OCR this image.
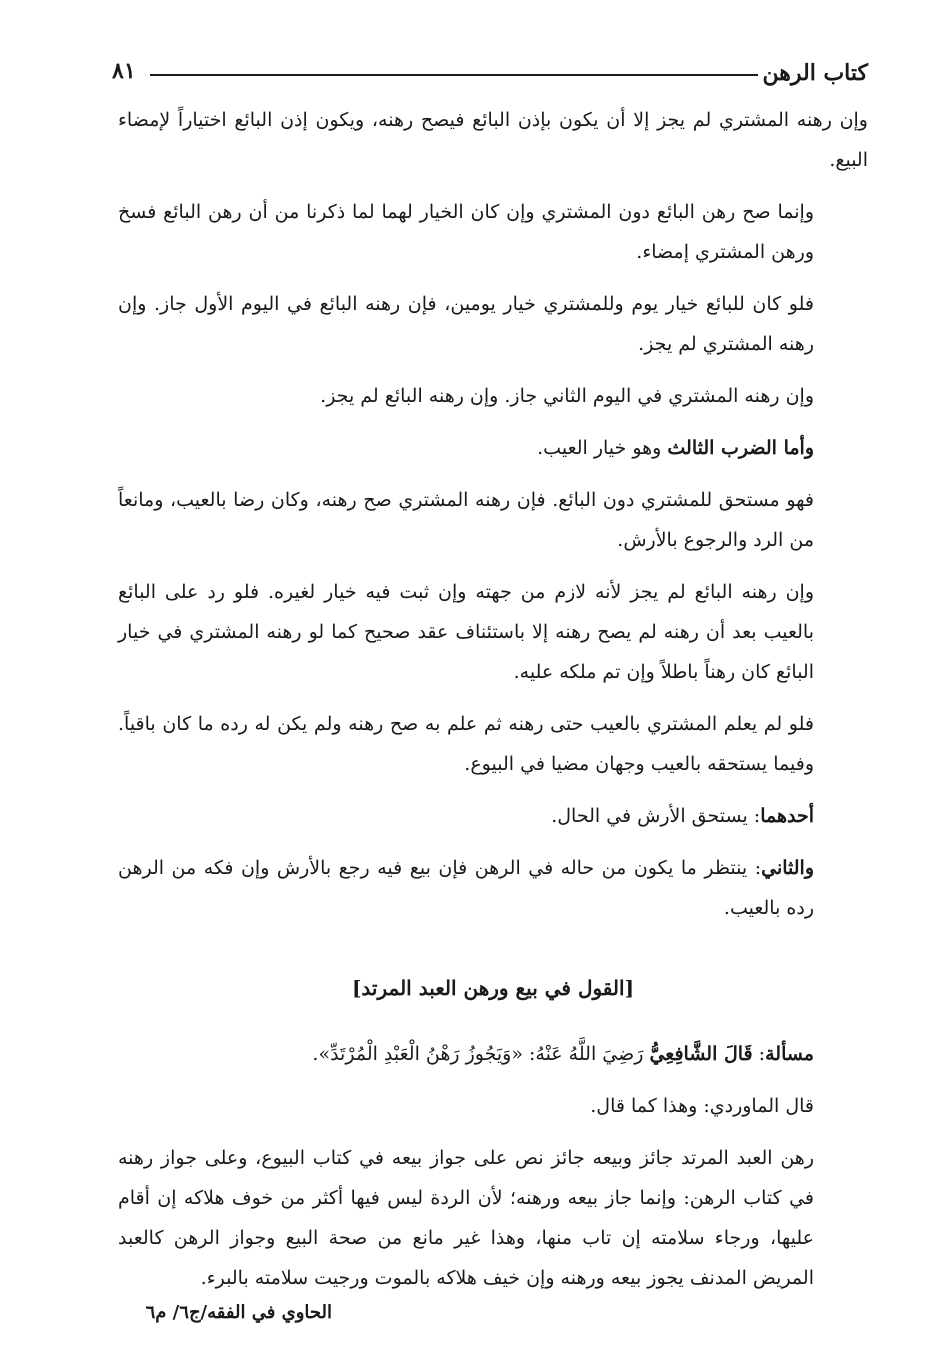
كتاب الرهن
٨١

وإن رهنه المشتري لم يجز إلا أن يكون بإذن البائع فيصح رهنه، ويكون إذن البائع اختياراً لإمضاء البيع.

وإنما صح رهن البائع دون المشتري وإن كان الخيار لهما لما ذكرنا من أن رهن البائع فسخ ورهن المشتري إمضاء.

فلو كان للبائع خيار يوم وللمشتري خيار يومين، فإن رهنه البائع في اليوم الأول جاز. وإن رهنه المشتري لم يجز.

وإن رهنه المشتري في اليوم الثاني جاز. وإن رهنه البائع لم يجز.

وأما الضرب الثالث وهو خيار العيب.

فهو مستحق للمشتري دون البائع. فإن رهنه المشتري صح رهنه، وكان رضا بالعيب، ومانعاً من الرد والرجوع بالأرش.

وإن رهنه البائع لم يجز لأنه لازم من جهته وإن ثبت فيه خيار لغيره. فلو رد على البائع بالعيب بعد أن رهنه لم يصح رهنه إلا باستئناف عقد صحيح كما لو رهنه المشتري في خيار البائع كان رهناً باطلاً وإن تم ملكه عليه.

فلو لم يعلم المشتري بالعيب حتى رهنه ثم علم به صح رهنه ولم يكن له رده ما كان باقياً. وفيما يستحقه بالعيب وجهان مضيا في البيوع.

أحدهما: يستحق الأرش في الحال.

والثاني: ينتظر ما يكون من حاله في الرهن فإن بيع فيه رجع بالأرش وإن فكه من الرهن رده بالعيب.

[القول في بيع ورهن العبد المرتد]

مسألة: قَالَ الشَّافِعِيُّ رَضِيَ اللَّهُ عَنْهُ: «وَيَجُوزُ رَهْنُ الْعَبْدِ الْمُرْتَدِّ».

قال الماوردي: وهذا كما قال.

رهن العبد المرتد جائز وبيعه جائز نص على جواز بيعه في كتاب البيوع، وعلى جواز رهنه في كتاب الرهن: وإنما جاز بيعه ورهنه؛ لأن الردة ليس فيها أكثر من خوف هلاكه إن أقام عليها، ورجاء سلامته إن تاب منها، وهذا غير مانع من صحة البيع وجواز الرهن كالعبد المريض المدنف يجوز بيعه ورهنه وإن خيف هلاكه بالموت ورجيت سلامته بالبرء.

الحاوي في الفقه/ج٦/ م٦
